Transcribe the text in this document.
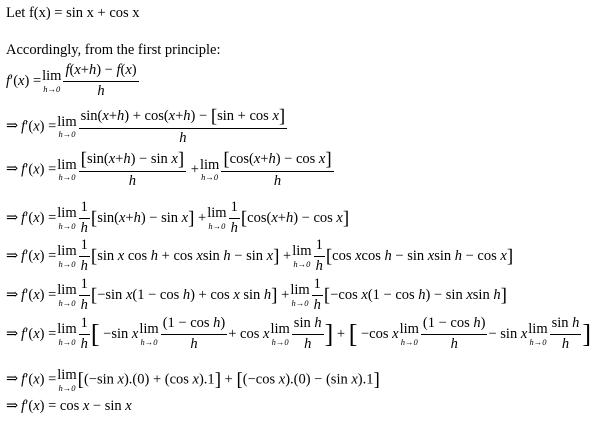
Let f(x) = sin x + cos x
Accordingly, from the first principle:
f′(x) = lim
$h\to 0 \frac{f(x+h) - f(x)}{h}$
⇒ f′(x) = lim
$h\to 0 \frac{\text{sin(x+h) + cos(x+h) − [sin + cos x]}}{h}$
⇒ f′(x) = lim
$h\to 0 \frac{\text{[sin(x+h) − sin x]}}{h} + \lim$
$h\to 0 \frac{\text{[cos(x+h) − cos x]}}{h}$
⇒ f′(x) = lim
$h\to 0 \frac{1}{h} [\sin(x+h) - \sin x] + \lim$
$h\to 0 \frac{1}{h} [\cos(x+h) - \cos x]$
⇒ f′(x) = lim
$h\to 0 \frac{1}{h} [\sin$ x cos h + cos xsin h − sin x] + lim
$h\to 0 \frac{1}{h} [\cos$ xcos h − sin xsin h − cos x]
⇒ f′(x) = lim
$h\to 0 \frac{1}{h} [-\sin$ x(1 − cos h) + cos x sin h] + lim
$h\to 0 \frac{1}{h} [-\cos$ x(1 − cos h) − sin xsin h]
⇒ f′(x) = lim
$h\to 0 \frac{1}{h}$ [ −sin x lim
$h\to 0 \frac{\text{(1 − cos h)}}{h} + \cos x$ lim
$h\to 0 \frac{\text{sin h}}{h}$ ] + [ −cos x lim
$h\to 0 \frac{\text{(1 − cos h)}}{h} - \sin x$ lim
$h\to 0 \frac{\text{sin h}}{h}$ ]
⇒ f′(x) = lim
h→0 [(−sin x).(0) + (cos x).1] + [(−cos x).(0) − (sin x).1]
⇒ f′(x) = cos x − sin x
